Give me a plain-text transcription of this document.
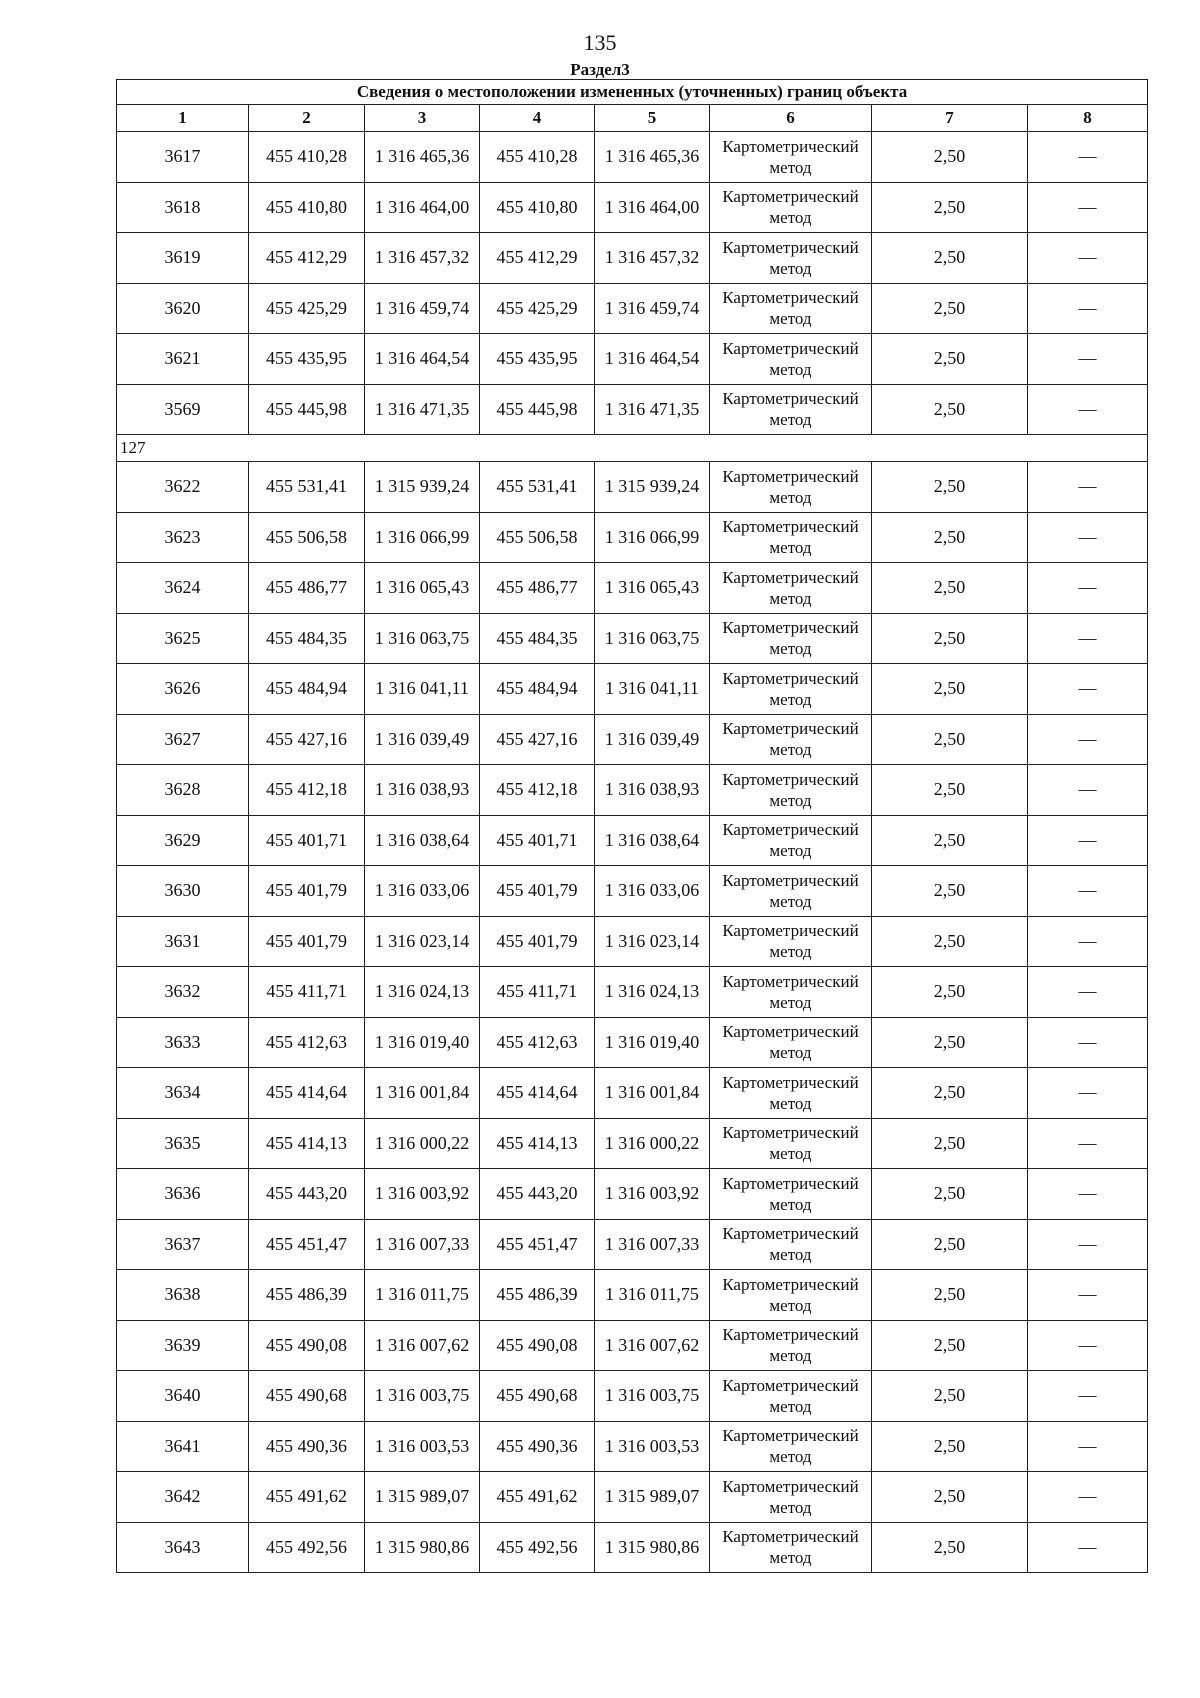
135
Раздел3
Сведения о местоположении измененных (уточненных) границ объекта							
1	2	3	4	5	6	7	8
3617	455 410,28	1 316 465,36	455 410,28	1 316 465,36	Картометрический метод	2,50	—
3618	455 410,80	1 316 464,00	455 410,80	1 316 464,00	Картометрический метод	2,50	—
3619	455 412,29	1 316 457,32	455 412,29	1 316 457,32	Картометрический метод	2,50	—
3620	455 425,29	1 316 459,74	455 425,29	1 316 459,74	Картометрический метод	2,50	—
3621	455 435,95	1 316 464,54	455 435,95	1 316 464,54	Картометрический метод	2,50	—
3569	455 445,98	1 316 471,35	455 445,98	1 316 471,35	Картометрический метод	2,50	—
127							
3622	455 531,41	1 315 939,24	455 531,41	1 315 939,24	Картометрический метод	2,50	—
3623	455 506,58	1 316 066,99	455 506,58	1 316 066,99	Картометрический метод	2,50	—
3624	455 486,77	1 316 065,43	455 486,77	1 316 065,43	Картометрический метод	2,50	—
3625	455 484,35	1 316 063,75	455 484,35	1 316 063,75	Картометрический метод	2,50	—
3626	455 484,94	1 316 041,11	455 484,94	1 316 041,11	Картометрический метод	2,50	—
3627	455 427,16	1 316 039,49	455 427,16	1 316 039,49	Картометрический метод	2,50	—
3628	455 412,18	1 316 038,93	455 412,18	1 316 038,93	Картометрический метод	2,50	—
3629	455 401,71	1 316 038,64	455 401,71	1 316 038,64	Картометрический метод	2,50	—
3630	455 401,79	1 316 033,06	455 401,79	1 316 033,06	Картометрический метод	2,50	—
3631	455 401,79	1 316 023,14	455 401,79	1 316 023,14	Картометрический метод	2,50	—
3632	455 411,71	1 316 024,13	455 411,71	1 316 024,13	Картометрический метод	2,50	—
3633	455 412,63	1 316 019,40	455 412,63	1 316 019,40	Картометрический метод	2,50	—
3634	455 414,64	1 316 001,84	455 414,64	1 316 001,84	Картометрический метод	2,50	—
3635	455 414,13	1 316 000,22	455 414,13	1 316 000,22	Картометрический метод	2,50	—
3636	455 443,20	1 316 003,92	455 443,20	1 316 003,92	Картометрический метод	2,50	—
3637	455 451,47	1 316 007,33	455 451,47	1 316 007,33	Картометрический метод	2,50	—
3638	455 486,39	1 316 011,75	455 486,39	1 316 011,75	Картометрический метод	2,50	—
3639	455 490,08	1 316 007,62	455 490,08	1 316 007,62	Картометрический метод	2,50	—
3640	455 490,68	1 316 003,75	455 490,68	1 316 003,75	Картометрический метод	2,50	—
3641	455 490,36	1 316 003,53	455 490,36	1 316 003,53	Картометрический метод	2,50	—
3642	455 491,62	1 315 989,07	455 491,62	1 315 989,07	Картометрический метод	2,50	—
3643	455 492,56	1 315 980,86	455 492,56	1 315 980,86	Картометрический метод	2,50	—
